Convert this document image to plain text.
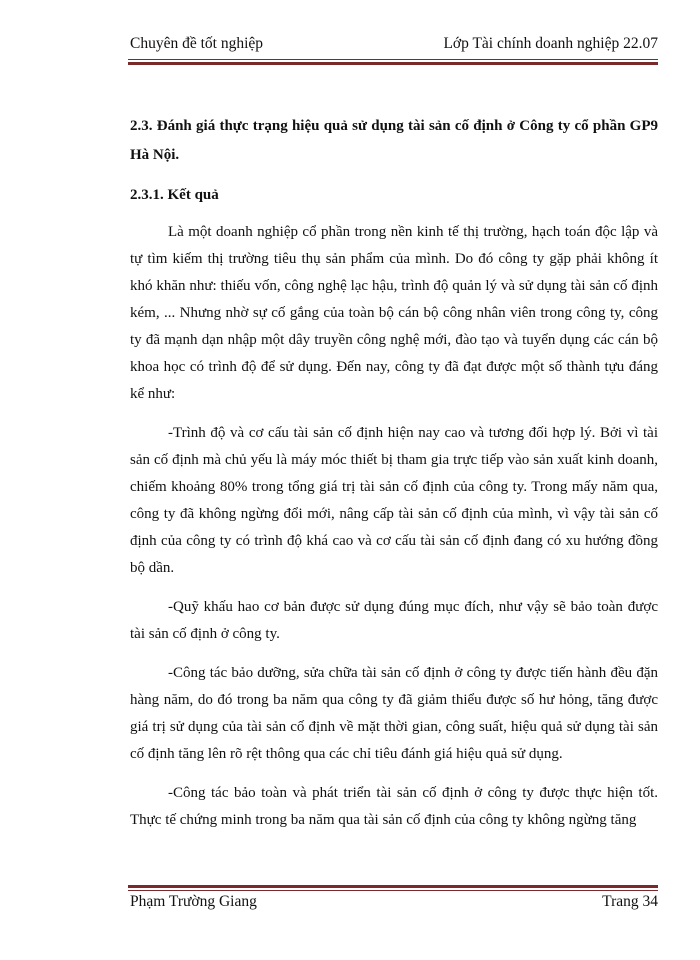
Chuyên đề tốt nghiệp	Lớp Tài chính doanh nghiệp 22.07
2.3. Đánh giá thực trạng hiệu quả sử dụng tài sản cố định ở Công ty cổ phần GP9 Hà Nội.
2.3.1. Kết quả

Là một doanh nghiệp cổ phần trong nền kinh tế thị trường, hạch toán độc lập và tự tìm kiếm thị trường tiêu thụ sản phẩm của mình. Do đó công ty gặp phải không ít khó khăn như: thiếu vốn, công nghệ lạc hậu, trình độ quản lý và sử dụng tài sản cố định kém, ... Nhưng nhờ sự cố gắng của toàn bộ cán bộ công nhân viên trong công ty, công ty đã mạnh dạn nhập một dây truyền công nghệ mới, đào tạo và tuyển dụng các cán bộ khoa học có trình độ để sử dụng. Đến nay, công ty đã đạt được một số thành tựu đáng kể như:

-Trình độ và cơ cấu tài sản cố định hiện nay cao và tương đối hợp lý. Bởi vì tài sản cố định mà chủ yếu là máy móc thiết bị tham gia trực tiếp vào sản xuất kinh doanh, chiếm khoảng 80% trong tổng giá trị tài sản cố định của công ty. Trong mấy năm qua, công ty đã không ngừng đổi mới, nâng cấp tài sản cố định của mình, vì vậy tài sản cố định của công ty có trình độ khá cao và cơ cấu tài sản cố định đang có xu hướng đồng bộ dần.

-Quỹ khấu hao cơ bản được sử dụng đúng mục đích, như vậy sẽ bảo toàn được tài sản cố định ở công ty.

-Công tác bảo dưỡng, sửa chữa tài sản cố định ở công ty được tiến hành đều đặn hàng năm, do đó trong ba năm qua công ty đã giảm thiểu được số hư hỏng, tăng được giá trị sử dụng của tài sản cố định về mặt thời gian, công suất, hiệu quả sử dụng tài sản cố định tăng lên rõ rệt thông qua các chỉ tiêu đánh giá hiệu quả sử dụng.

-Công tác bảo toàn và phát triển tài sản cố định ở công ty được thực hiện tốt. Thực tế chứng minh trong ba năm qua tài sản cố định của công ty không ngừng tăng

Phạm Trường Giang	Trang 34
